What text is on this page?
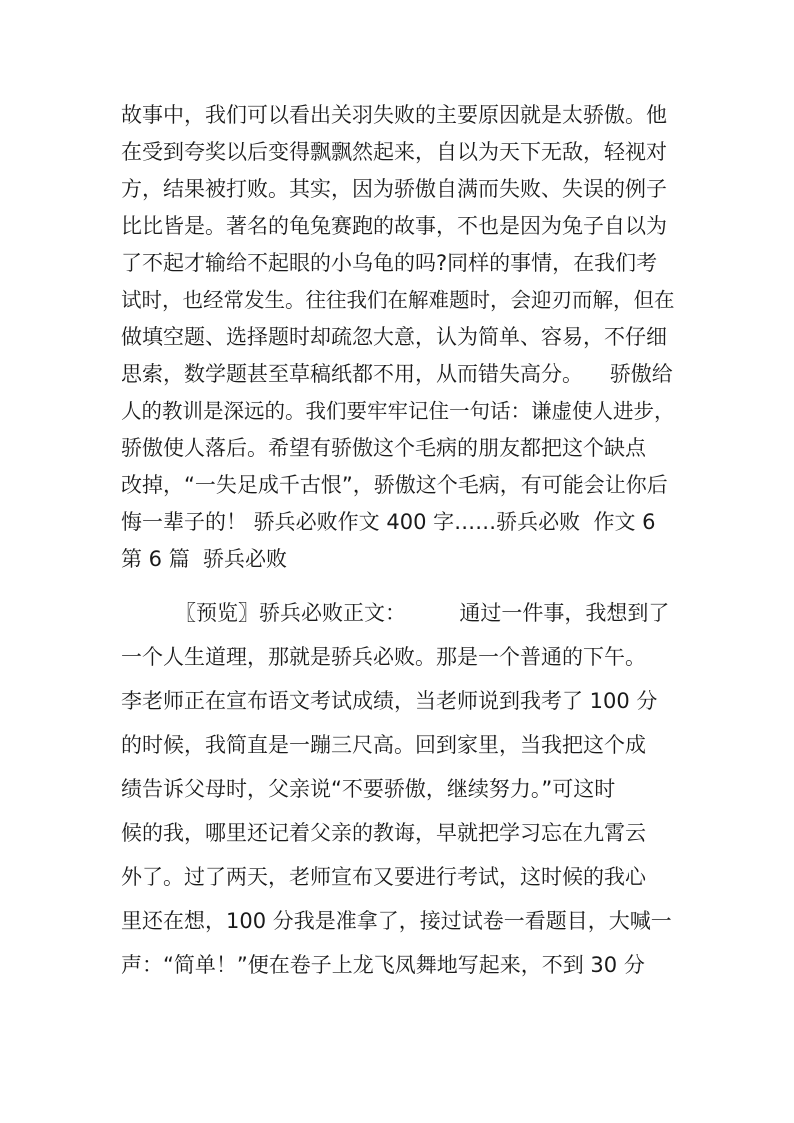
故事中，我们可以看出关羽失败的主要原因就是太骄傲。他
在受到夸奖以后变得飘飘然起来，自以为天下无敌，轻视对
方，结果被打败。其实，因为骄傲自满而失败、失误的例子
比比皆是。著名的龟兔赛跑的故事，不也是因为兔子自以为
了不起才输给不起眼的小乌龟的吗?同样的事情，在我们考
试时，也经常发生。往往我们在解难题时，会迎刃而解，但在
做填空题、选择题时却疏忽大意，认为简单、容易，不仔细
思索，数学题甚至草稿纸都不用，从而错失高分。    骄傲给
人的教训是深远的。我们要牢牢记住一句话：谦虚使人进步，
骄傲使人落后。希望有骄傲这个毛病的朋友都把这个缺点
改掉，“一失足成千古恨”，骄傲这个毛病，有可能会让你后
悔一辈子的！ 骄兵必败作文 400 字……骄兵必败  作文 6
第 6 篇  骄兵必败
〖预览〗骄兵必败正文：        通过一件事，我想到了
一个人生道理，那就是骄兵必败。那是一个普通的下午。
李老师正在宣布语文考试成绩，当老师说到我考了 100 分
的时候，我简直是一蹦三尺高。回到家里，当我把这个成
绩告诉父母时，父亲说“不要骄傲，继续努力。”可这时
候的我，哪里还记着父亲的教诲，早就把学习忘在九霄云
外了。过了两天，老师宣布又要进行考试，这时候的我心
里还在想，100 分我是准拿了，接过试卷一看题目，大喊一
声：“简单！”便在卷子上龙飞凤舞地写起来，不到 30 分
